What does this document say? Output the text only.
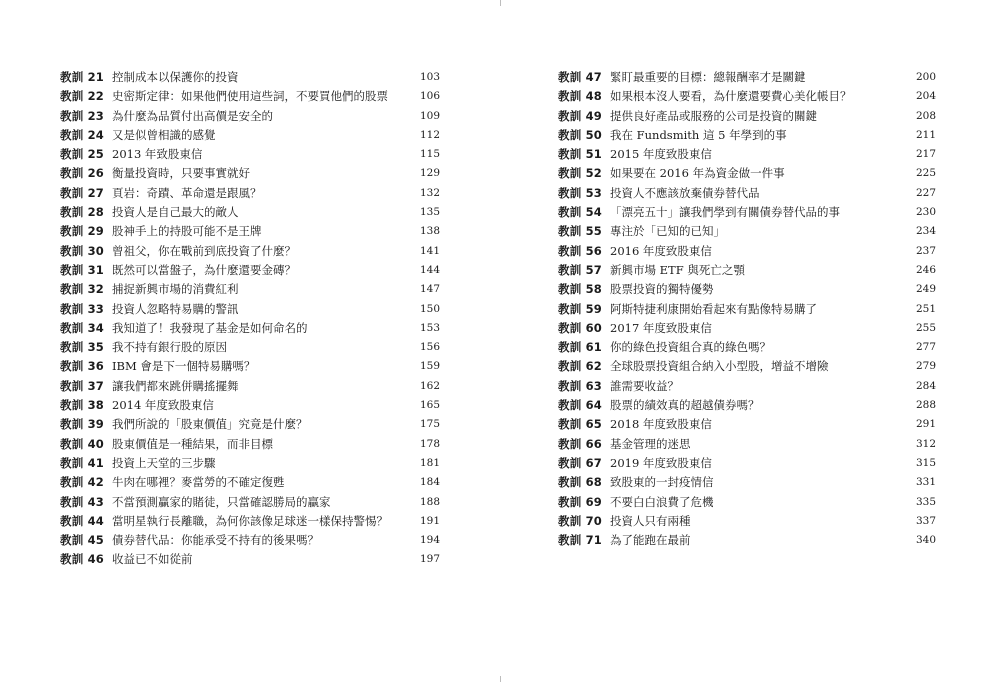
教訓 21 控制成本以保護你的投資	103
教訓 22 史密斯定律：如果他們使用這些詞，不要買他們的股票	106
教訓 23 為什麼為品質付出高價是安全的	109
教訓 24 又是似曾相識的感覺	112
教訓 25 2013 年致股東信	115
教訓 26 衡量投資時，只要事實就好	129
教訓 27 頁岩：奇蹟、革命還是跟風？	132
教訓 28 投資人是自己最大的敵人	135
教訓 29 股神手上的持股可能不是王牌	138
教訓 30 曾祖父，你在戰前到底投資了什麼？	141
教訓 31 既然可以當盤子，為什麼還要金磚？	144
教訓 32 捕捉新興市場的消費紅利	147
教訓 33 投資人忽略特易購的警訊	150
教訓 34 我知道了！我發現了基金是如何命名的	153
教訓 35 我不持有銀行股的原因	156
教訓 36 IBM 會是下一個特易購嗎？	159
教訓 37 讓我們都來跳併購搖擺舞	162
教訓 38 2014 年度致股東信	165
教訓 39 我們所說的「股東價值」究竟是什麼？	175
教訓 40 股東價值是一種結果，而非目標	178
教訓 41 投資上天堂的三步驟	181
教訓 42 牛肉在哪裡？麥當勞的不確定復甦	184
教訓 43 不當預測贏家的賭徒，只當確認勝局的贏家	188
教訓 44 當明星執行長離職，為何你該像足球迷一樣保持警惕？	191
教訓 45 債券替代品：你能承受不持有的後果嗎？	194
教訓 46 收益已不如從前	197
教訓 47 緊盯最重要的目標：總報酬率才是關鍵	200
教訓 48 如果根本沒人要看，為什麼還要費心美化帳目？	204
教訓 49 提供良好產品或服務的公司是投資的關鍵	208
教訓 50 我在 Fundsmith 這 5 年學到的事	211
教訓 51 2015 年度致股東信	217
教訓 52 如果要在 2016 年為資金做一件事	225
教訓 53 投資人不應該放棄債券替代品	227
教訓 54 「漂亮五十」讓我們學到有關債券替代品的事	230
教訓 55 專注於「已知的已知」	234
教訓 56 2016 年度致股東信	237
教訓 57 新興市場 ETF 與死亡之顎	246
教訓 58 股票投資的獨特優勢	249
教訓 59 阿斯特捷利康開始看起來有點像特易購了	251
教訓 60 2017 年度致股東信	255
教訓 61 你的綠色投資組合真的綠色嗎？	277
教訓 62 全球股票投資組合納入小型股，增益不增險	279
教訓 63 誰需要收益？	284
教訓 64 股票的績效真的超越債券嗎？	288
教訓 65 2018 年度致股東信	291
教訓 66 基金管理的迷思	312
教訓 67 2019 年度致股東信	315
教訓 68 致股東的一封疫情信	331
教訓 69 不要白白浪費了危機	335
教訓 70 投資人只有兩種	337
教訓 71 為了能跑在最前	340
